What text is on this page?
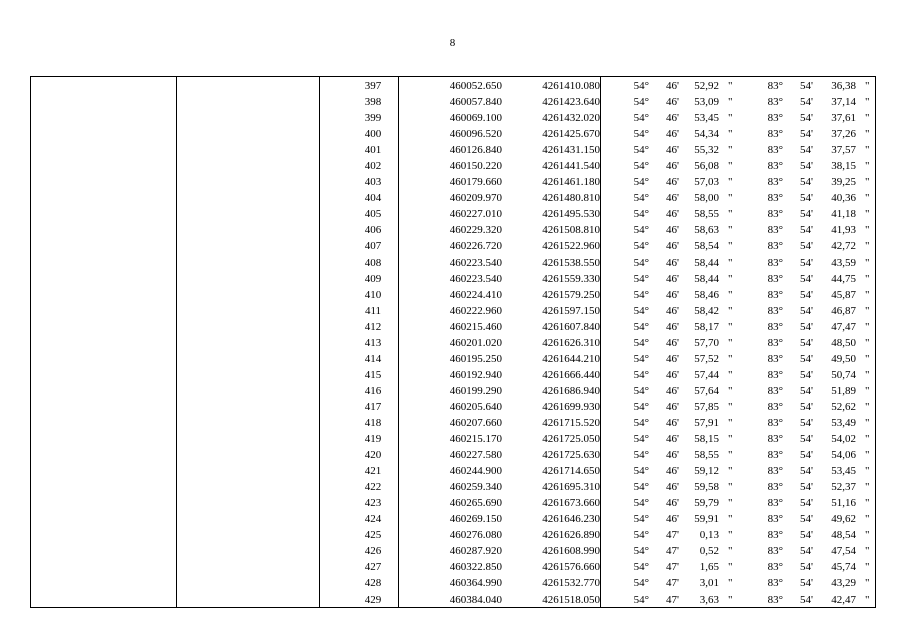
8
397	460052.650	4261410.080	54°	46'	52,92 "	83°	54'	36,38 "
398	460057.840	4261423.640	54°	46'	53,09 "	83°	54'	37,14 "
399	460069.100	4261432.020	54°	46'	53,45 "	83°	54'	37,61 "
400	460096.520	4261425.670	54°	46'	54,34 "	83°	54'	37,26 "
401	460126.840	4261431.150	54°	46'	55,32 "	83°	54'	37,57 "
402	460150.220	4261441.540	54°	46'	56,08 "	83°	54'	38,15 "
403	460179.660	4261461.180	54°	46'	57,03 "	83°	54'	39,25 "
404	460209.970	4261480.810	54°	46'	58,00 "	83°	54'	40,36 "
405	460227.010	4261495.530	54°	46'	58,55 "	83°	54'	41,18 "
406	460229.320	4261508.810	54°	46'	58,63 "	83°	54'	41,93 "
407	460226.720	4261522.960	54°	46'	58,54 "	83°	54'	42,72 "
408	460223.540	4261538.550	54°	46'	58,44 "	83°	54'	43,59 "
409	460223.540	4261559.330	54°	46'	58,44 "	83°	54'	44,75 "
410	460224.410	4261579.250	54°	46'	58,46 "	83°	54'	45,87 "
411	460222.960	4261597.150	54°	46'	58,42 "	83°	54'	46,87 "
412	460215.460	4261607.840	54°	46'	58,17 "	83°	54'	47,47 "
413	460201.020	4261626.310	54°	46'	57,70 "	83°	54'	48,50 "
414	460195.250	4261644.210	54°	46'	57,52 "	83°	54'	49,50 "
415	460192.940	4261666.440	54°	46'	57,44 "	83°	54'	50,74 "
416	460199.290	4261686.940	54°	46'	57,64 "	83°	54'	51,89 "
417	460205.640	4261699.930	54°	46'	57,85 "	83°	54'	52,62 "
418	460207.660	4261715.520	54°	46'	57,91 "	83°	54'	53,49 "
419	460215.170	4261725.050	54°	46'	58,15 "	83°	54'	54,02 "
420	460227.580	4261725.630	54°	46'	58,55 "	83°	54'	54,06 "
421	460244.900	4261714.650	54°	46'	59,12 "	83°	54'	53,45 "
422	460259.340	4261695.310	54°	46'	59,58 "	83°	54'	52,37 "
423	460265.690	4261673.660	54°	46'	59,79 "	83°	54'	51,16 "
424	460269.150	4261646.230	54°	46'	59,91 "	83°	54'	49,62 "
425	460276.080	4261626.890	54°	47'	0,13 "	83°	54'	48,54 "
426	460287.920	4261608.990	54°	47'	0,52 "	83°	54'	47,54 "
427	460322.850	4261576.660	54°	47'	1,65 "	83°	54'	45,74 "
428	460364.990	4261532.770	54°	47'	3,01 "	83°	54'	43,29 "
429	460384.040	4261518.050	54°	47'	3,63 "	83°	54'	42,47 "
